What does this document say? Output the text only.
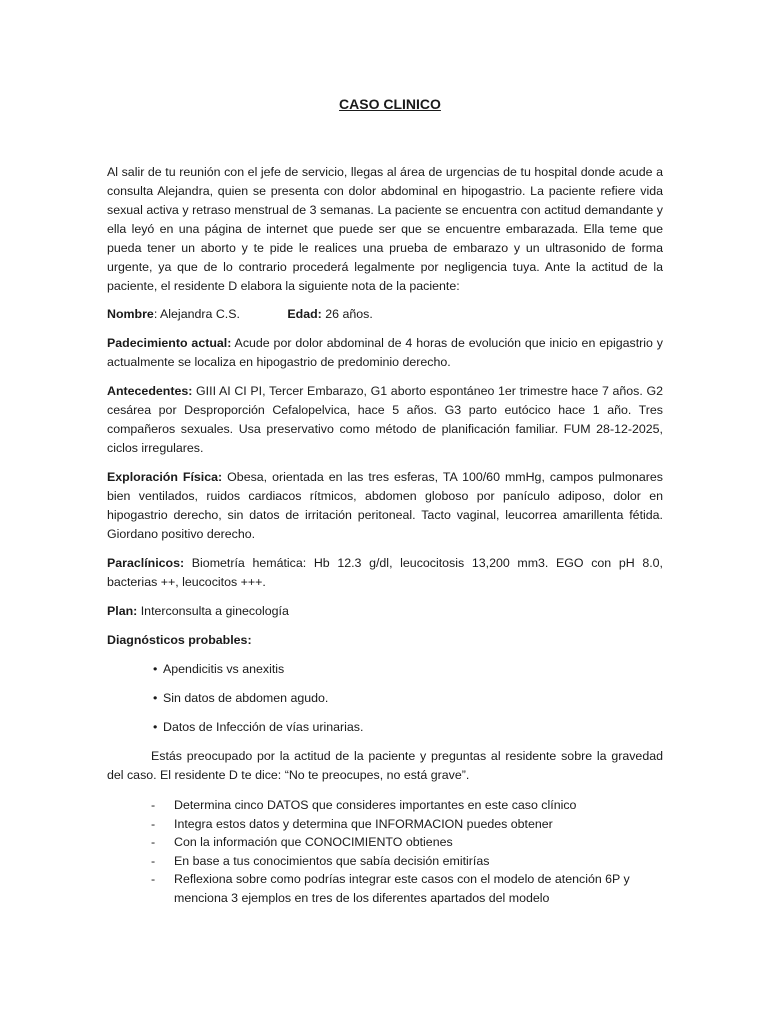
CASO CLINICO

Al salir de tu reunión con el jefe de servicio, llegas al área de urgencias de tu hospital donde acude a consulta Alejandra, quien se presenta con dolor abdominal en hipogastrio. La paciente refiere vida sexual activa y retraso menstrual de 3 semanas. La paciente se encuentra con actitud demandante y ella leyó en una página de internet que puede ser que se encuentre embarazada. Ella teme que pueda tener un aborto y te pide le realices una prueba de embarazo y un ultrasonido de forma urgente, ya que de lo contrario procederá legalmente por negligencia tuya. Ante la actitud de la paciente, el residente D elabora la siguiente nota de la paciente:

Nombre: Alejandra C.S.	Edad: 26 años.

Padecimiento actual: Acude por dolor abdominal de 4 horas de evolución que inicio en epigastrio y actualmente se localiza en hipogastrio de predominio derecho.

Antecedentes: GIII AI CI PI, Tercer Embarazo, G1 aborto espontáneo 1er trimestre hace 7 años. G2 cesárea por Desproporción Cefalopelvica, hace 5 años. G3 parto eutócico hace 1 año. Tres compañeros sexuales. Usa preservativo como método de planificación familiar. FUM 28-12-2025, ciclos irregulares.

Exploración Física: Obesa, orientada en las tres esferas, TA 100/60 mmHg, campos pulmonares bien ventilados, ruidos cardiacos rítmicos, abdomen globoso por panículo adiposo, dolor en hipogastrio derecho, sin datos de irritación peritoneal. Tacto vaginal, leucorrea amarillenta fétida. Giordano positivo derecho.

Paraclínicos: Biometría hemática: Hb 12.3 g/dl, leucocitosis 13,200 mm3. EGO con pH 8.0, bacterias ++, leucocitos +++.

Plan: Interconsulta a ginecología

Diagnósticos probables:
• Apendicitis vs anexitis
• Sin datos de abdomen agudo.
• Datos de Infección de vías urinarias.

Estás preocupado por la actitud de la paciente y preguntas al residente sobre la gravedad del caso. El residente D te dice: “No te preocupes, no está grave”.

- Determina cinco DATOS que consideres importantes en este caso clínico
- Integra estos datos y determina que INFORMACION puedes obtener
- Con la información que CONOCIMIENTO obtienes
- En base a tus conocimientos que sabía decisión emitirías
- Reflexiona sobre como podrías integrar este casos con el modelo de atención 6P y menciona 3 ejemplos en tres de los diferentes apartados del modelo
